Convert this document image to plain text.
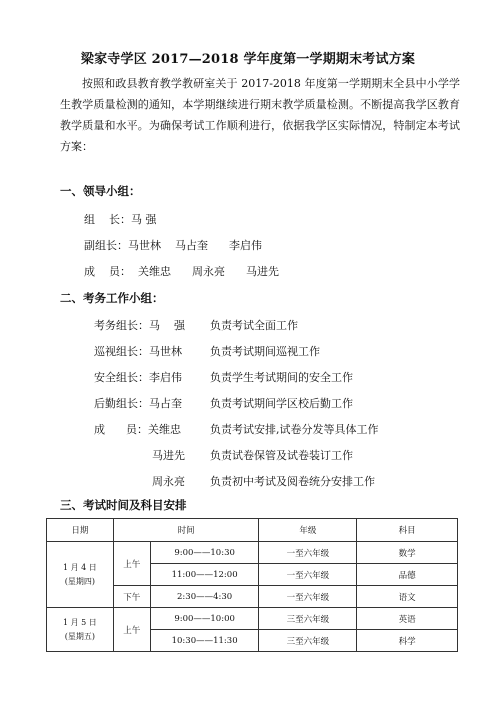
梁家寺学区 2017—2018 学年度第一学期期末考试方案
按照和政县教育教学教研室关于 2017-2018 年度第一学期期末全县中小学学生教学质量检测的通知，本学期继续进行期末教学质量检测。不断提高我学区教育教学质量和水平。为确保考试工作顺利进行，依据我学区实际情况，特制定本考试方案：
一、领导小组：
组    长：马 强
副组长：马世林    马占奎      李启伟
成    员：  关维忠      周永亮      马进先
二、考务工作小组：
考务组长：马    强 负责考试全面工作
巡视组长：马世林	负责考试期间巡视工作
安全组长：李启伟	负责学生考试期间的安全工作
后勤组长：马占奎	负责考试期间学区校后勤工作
成      员：关维忠	负责考试安排,试卷分发等具体工作
马进先 负责试卷保管及试卷装订工作
周永亮 负责初中考试及阅卷统分安排工作
三、考试时间及科目安排
日期	时间		年级	科目

1 月 4 日
(星期四)	上午	9:00——10:30	一至六年级	数学
		11:00——12:00	一至六年级	品德
	下午	2:30——4:30	一至六年级	语文

1 月 5 日
(星期五)	上午	9:00——10:00	三至六年级	英语
		10:30——11:30	三至六年级	科学
